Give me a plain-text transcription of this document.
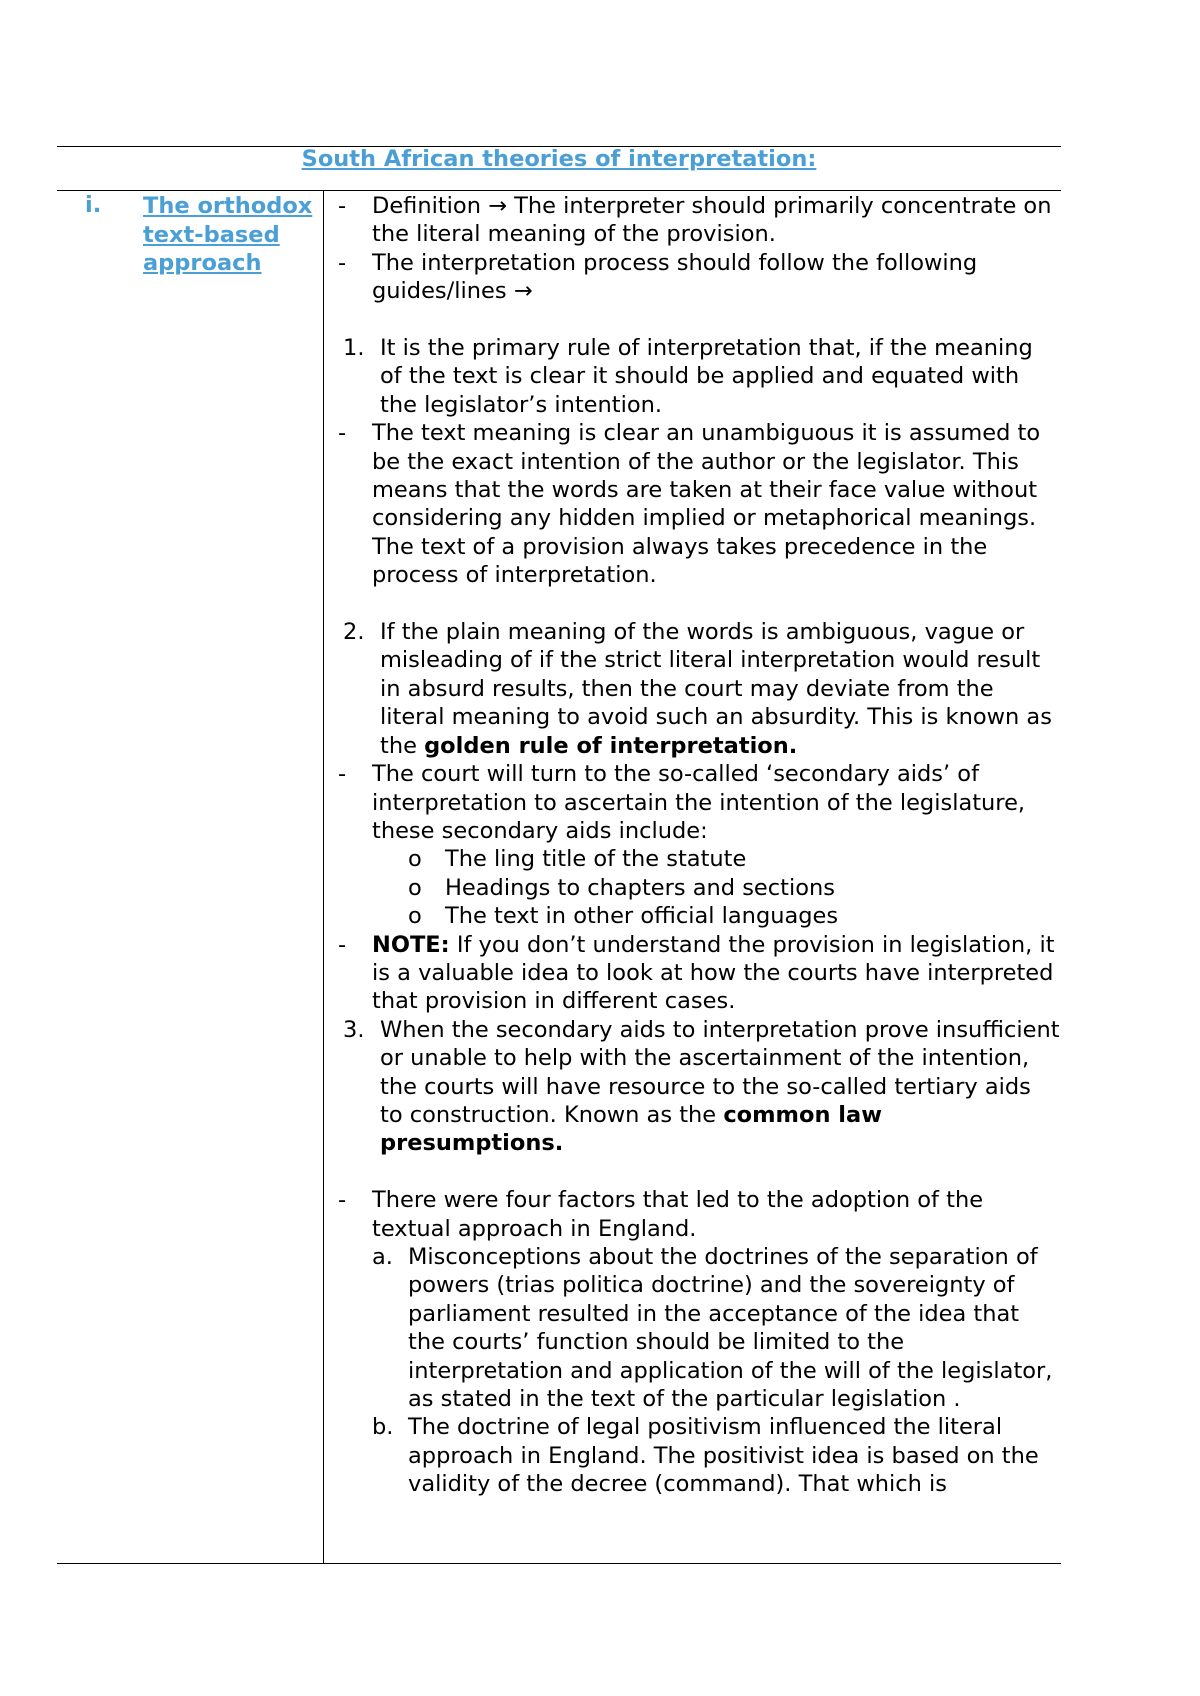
South African theories of interpretation:
i. The orthodox text-based approach
- Definition → The interpreter should primarily concentrate on the literal meaning of the provision.
- The interpretation process should follow the following guides/lines →
1. It is the primary rule of interpretation that, if the meaning of the text is clear it should be applied and equated with the legislator’s intention.
- The text meaning is clear an unambiguous it is assumed to be the exact intention of the author or the legislator. This means that the words are taken at their face value without considering any hidden implied or metaphorical meanings. The text of a provision always takes precedence in the process of interpretation.
2. If the plain meaning of the words is ambiguous, vague or misleading of if the strict literal interpretation would result in absurd results, then the court may deviate from the literal meaning to avoid such an absurdity. This is known as the golden rule of interpretation.
- The court will turn to the so-called ‘secondary aids’ of interpretation to ascertain the intention of the legislature, these secondary aids include:
o The ling title of the statute
o Headings to chapters and sections
o The text in other official languages
- NOTE: If you don’t understand the provision in legislation, it is a valuable idea to look at how the courts have interpreted that provision in different cases.
3. When the secondary aids to interpretation prove insufficient or unable to help with the ascertainment of the intention, the courts will have resource to the so-called tertiary aids to construction. Known as the common law presumptions.
- There were four factors that led to the adoption of the textual approach in England.
a. Misconceptions about the doctrines of the separation of powers (trias politica doctrine) and the sovereignty of parliament resulted in the acceptance of the idea that the courts’ function should be limited to the interpretation and application of the will of the legislator, as stated in the text of the particular legislation .
b. The doctrine of legal positivism influenced the literal approach in England. The positivist idea is based on the validity of the decree (command). That which is
